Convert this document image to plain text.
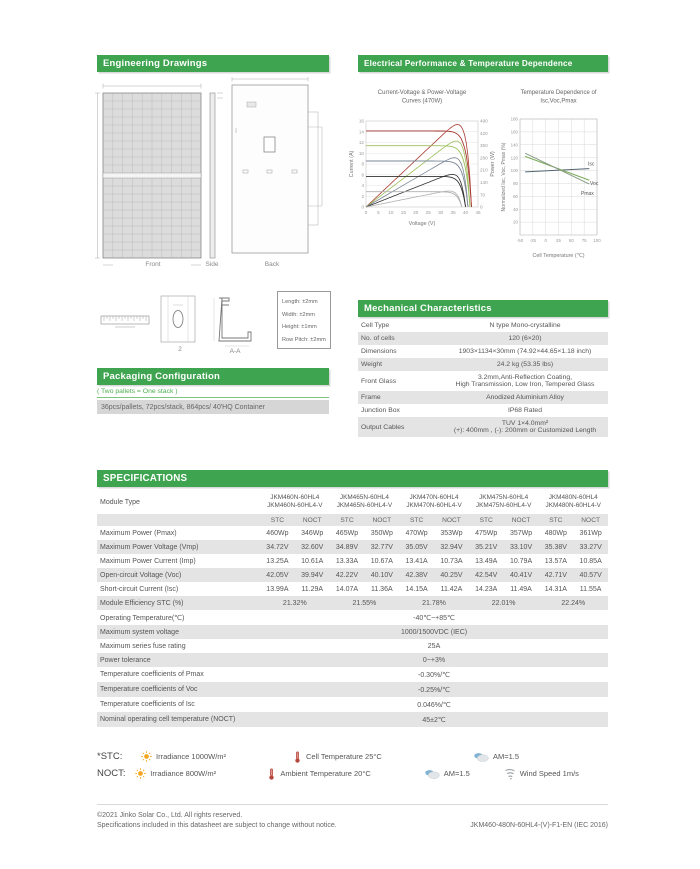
Engineering Drawings	Electrical Performance & Temperature Dependence
Front	Side	Back
2	A-A
Length: ±2mm
Width: ±2mm
Height: ±1mm
Row Pitch: ±2mm
Current-Voltage & Power-Voltage
Curves (470W)
0 5 10 15 20 25 30 35 40 45
0
2
4
6
8
10
12
14
16
0
70
140
210
280
350
420
490
Voltage (V)
Current (A)	Power (W)
Temperature Dependence of
Isc,Voc,Pmax
-50 -25 0 25 50 75 100
20
40
60
80
100
120
140
160
180
Cell Temperature (℃)
Normalized Isc, Voc, Pmax (%)	Isc
Voc
Pmax
Mechanical Characteristics
Cell Type	N type Mono-crystalline

No. of cells	120 (6×20)

Dimensions	1903×1134×30mm (74.92×44.65×1.18 inch)

Weight	24.2 kg (53.35 lbs)

Front Glass	3.2mm,Anti-Reflection Coating,
High Transmission, Low Iron, Tempered Glass

Frame	Anodized Aluminium Alloy

Junction Box	IP68 Rated

Output Cables	TUV 1×4.0mm²
(+): 400mm , (-): 200mm or Customized Length
Packaging Configuration
( Two pallets = One stack )
36pcs/pallets, 72pcs/stack, 864pcs/ 40'HQ Container
SPECIFICATIONS
Module Type	
JKM460N-60HL4
JKM460N-60HL4-V

JKM465N-60HL4
JKM465N-60HL4-V

JKM470N-60HL4
JKM470N-60HL4-V

JKM475N-60HL4
JKM475N-60HL4-V

JKM480N-60HL4
JKM480N-60HL4-V

	STC	NOCT	STC	NOCT	STC	NOCT	STC	NOCT	STC	NOCT
Maximum Power (Pmax)	460Wp	346Wp	465Wp	350Wp	470Wp	353Wp	475Wp	357Wp	480Wp	361Wp
Maximum Power Voltage (Vmp)	34.72V	32.60V	34.89V	32.77V	35.05V	32.94V	35.21V	33.10V	35.38V	33.27V
Maximum Power Current (Imp)	13.25A	10.61A	13.33A	10.67A	13.41A	10.73A	13.49A	10.79A	13.57A	10.85A
Open-circuit Voltage (Voc)	42.05V	39.94V	42.22V	40.10V	42.38V	40.25V	42.54V	40.41V	42.71V	40.57V
Short-circuit Current (Isc)	13.99A	11.29A	14.07A	11.36A	14.15A	11.42A	14.23A	11.49A	14.31A	11.55A
Module Efficiency STC (%)	21.32%		21.55%		21.78%		22.01%		22.24%	
Operating Temperature(℃)	-40℃~+85℃									
Maximum system voltage	1000/1500VDC (IEC)									
Maximum series fuse rating	25A									
Power tolerance	0~+3%									
Temperature coefficients of Pmax	-0.30%/℃									
Temperature coefficients of Voc	-0.25%/℃									
Temperature coefficients of Isc	0.046%/℃									
Nominal operating cell temperature (NOCT)	45±2℃									
*STC:	Irradiance 1000W/m²	Cell Temperature 25°C	AM=1.5
NOCT:	Irradiance 800W/m²	Ambient Temperature 20°C	AM=1.5	Wind Speed 1m/s
©2021 Jinko Solar Co., Ltd. All rights reserved.
Specifications included in this datasheet are subject to change without notice.	JKM460-480N-60HL4-(V)-F1-EN (IEC 2016)
